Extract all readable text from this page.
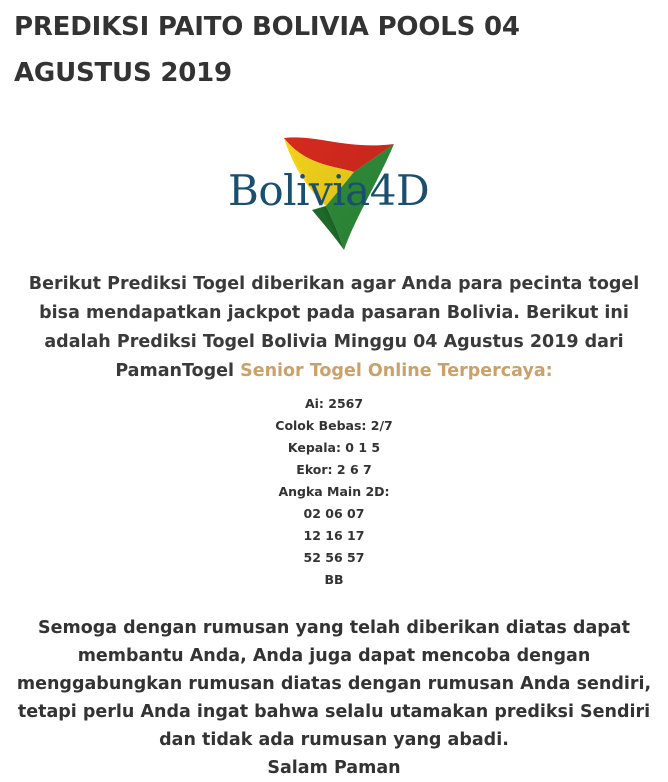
PREDIKSI PAITO BOLIVIA POOLS 04 AGUSTUS 2019
Bolivia4D

Berikut Prediksi Togel diberikan agar Anda para pecinta togel bisa mendapatkan jackpot pada pasaran Bolivia. Berikut ini adalah Prediksi Togel Bolivia Minggu 04 Agustus 2019 dari PamanTogel Senior Togel Online Terpercaya:

Ai: 2567
Colok Bebas: 2/7
Kepala: 0 1 5
Ekor: 2 6 7
Angka Main 2D:
02 06 07
12 16 17
52 56 57
BB

Semoga dengan rumusan yang telah diberikan diatas dapat membantu Anda, Anda juga dapat mencoba dengan menggabungkan rumusan diatas dengan rumusan Anda sendiri, tetapi perlu Anda ingat bahwa selalu utamakan prediksi Sendiri dan tidak ada rumusan yang abadi.
Salam Paman
